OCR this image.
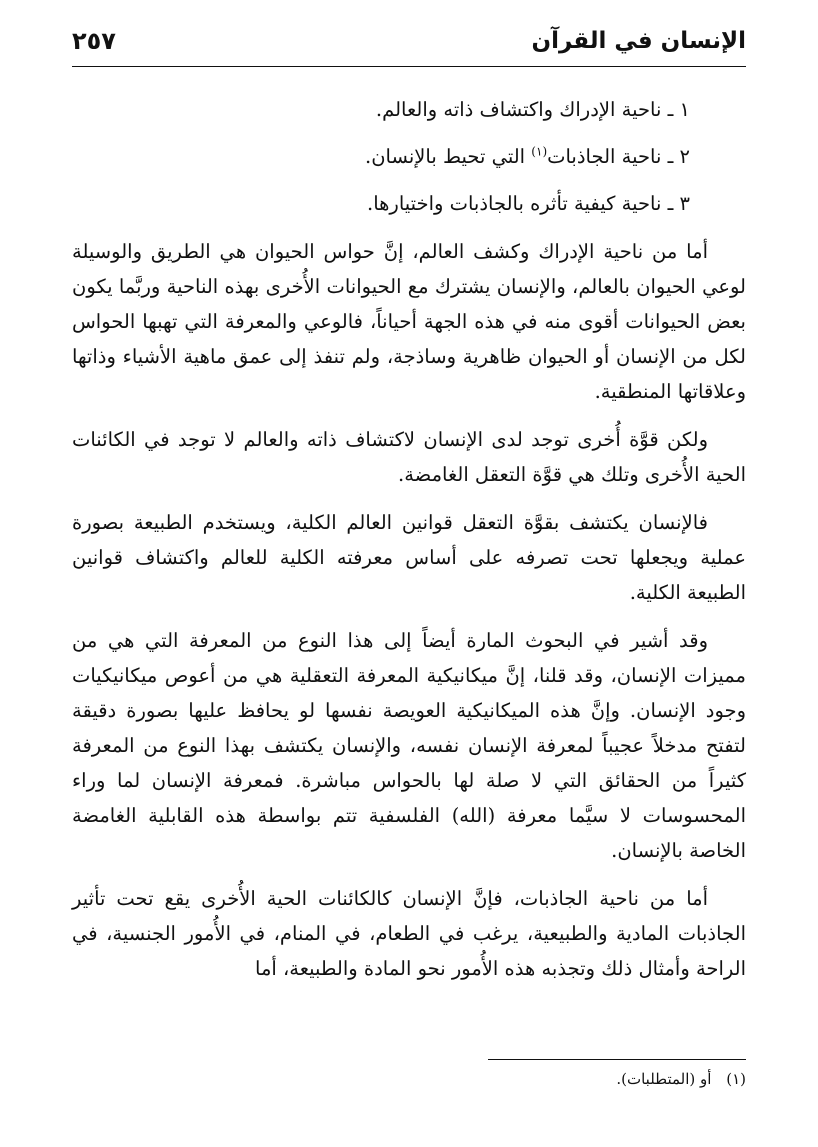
الإنسان في القرآن
٢٥٧
١ ـ ناحية الإدراك واكتشاف ذاته والعالم.
٢ ـ ناحية الجاذبات$^{(١)}$ التي تحيط بالإنسان.
٣ ـ ناحية كيفية تأثره بالجاذبات واختيارها.

أما من ناحية الإدراك وكشف العالم، إنَّ حواس الحيوان هي الطريق والوسيلة لوعي الحيوان بالعالم، والإنسان يشترك مع الحيوانات الأُخرى بهذه الناحية وربَّما يكون بعض الحيوانات أقوى منه في هذه الجهة أحياناً، فالوعي والمعرفة التي تهبها الحواس لكل من الإنسان أو الحيوان ظاهرية وساذجة، ولم تنفذ إلى عمق ماهية الأشياء وذاتها وعلاقاتها المنطقية.

ولكن قوَّة أُخرى توجد لدى الإنسان لاكتشاف ذاته والعالم لا توجد في الكائنات الحية الأُخرى وتلك هي قوَّة التعقل الغامضة.

فالإنسان يكتشف بقوَّة التعقل قوانين العالم الكلية، ويستخدم الطبيعة بصورة عملية ويجعلها تحت تصرفه على أساس معرفته الكلية للعالم واكتشاف قوانين الطبيعة الكلية.

وقد أشير في البحوث المارة أيضاً إلى هذا النوع من المعرفة التي هي من مميزات الإنسان، وقد قلنا، إنَّ ميكانيكية المعرفة التعقلية هي من أعوص ميكانيكيات وجود الإنسان. وإنَّ هذه الميكانيكية العويصة نفسها لو يحافظ عليها بصورة دقيقة لتفتح مدخلاً عجيباً لمعرفة الإنسان نفسه، والإنسان يكتشف بهذا النوع من المعرفة كثيراً من الحقائق التي لا صلة لها بالحواس مباشرة. فمعرفة الإنسان لما وراء المحسوسات لا سيَّما معرفة (الله) الفلسفية تتم بواسطة هذه القابلية الغامضة الخاصة بالإنسان.

أما من ناحية الجاذبات، فإنَّ الإنسان كالكائنات الحية الأُخرى يقع تحت تأثير الجاذبات المادية والطبيعية، يرغب في الطعام، في المنام، في الأُمور الجنسية، في الراحة وأمثال ذلك وتجذبه هذه الأُمور نحو المادة والطبيعة، أما

(١) أو (المتطلبات).
